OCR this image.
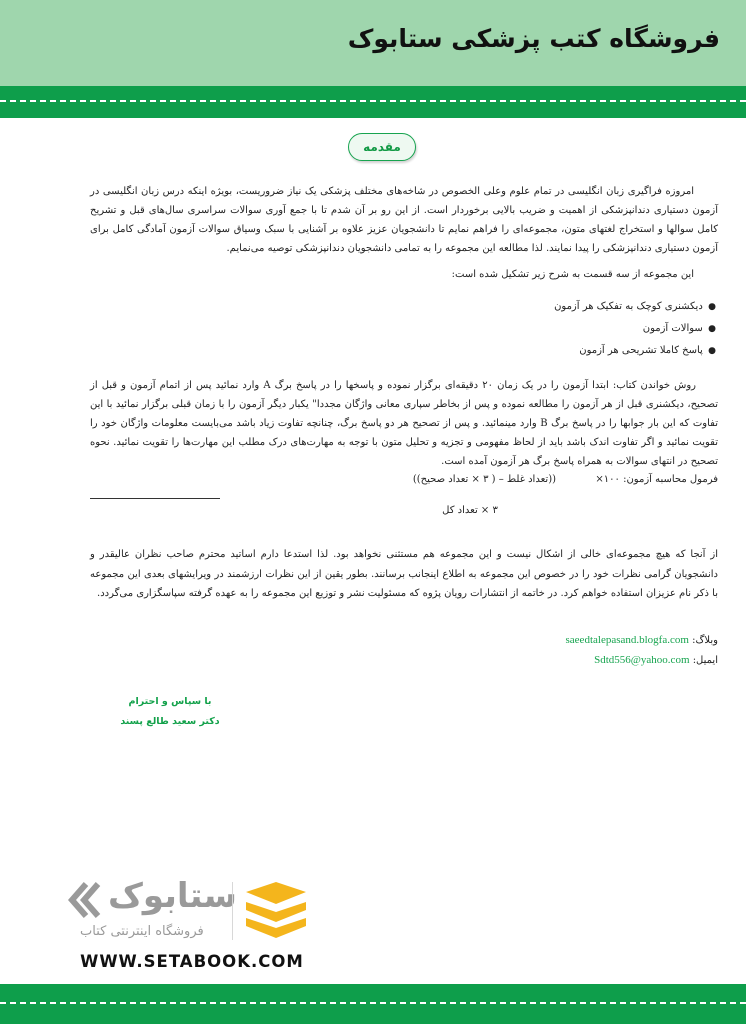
فروشگاه کتب پزشکی ستابوک
مقدمه

امروزه فراگیری زبان انگلیسی در تمام علوم وعلی الخصوص در شاخه‌های مختلف پزشکی یک نیاز ضروریست، بویژه اینکه درس زبان انگلیسی در آزمون دستیاری دندانپزشکی از اهمیت و ضریب بالایی برخوردار است. از این رو بر آن شدم تا با جمع آوری سوالات سراسری سال‌های قبل و تشریح کامل سوالها و استخراج لغتهای متون، مجموعه‌ای را فراهم نمایم تا دانشجویان عزیز علاوه بر آشنایی با سبک وسیاق سوالات آزمون آمادگی کامل برای آزمون دستیاری دندانپزشکی را پیدا نمایند. لذا مطالعه این مجموعه را به تمامی دانشجویان دندانپزشکی توصیه می‌نمایم.

این مجموعه از سه قسمت به شرح زیر تشکیل شده است:

● دیکشنری کوچک به تفکیک هر آزمون
● سوالات آزمون
● پاسخ کاملا تشریحی هر آزمون

روش خواندن کتاب: ابتدا آزمون را در یک زمان ۲۰ دقیقه‌ای برگزار نموده و پاسخها را در پاسخ برگ A وارد نمائید پس از اتمام آزمون و قبل از تصحیح، دیکشنری قبل از هر آزمون را مطالعه نموده و پس از بخاطر سپاری معانی واژگان مجددا" یکبار دیگر آزمون را با زمان قبلی برگزار نمائید با این تفاوت که این بار جوابها را در پاسخ برگ B وارد مینمائید. و پس از تصحیح هر دو پاسخ برگ، چنانچه تفاوت زیاد باشد می‌بایست معلومات واژگان خود را تقویت نمائید و اگر تفاوت اندک باشد باید از لحاظ مفهومی و تجزیه و تحلیل متون با توجه به مهارت‌های درک مطلب این مهارت‌ها را تقویت نمائید. نحوه تصحیح در انتهای سوالات به همراه پاسخ برگ هر آزمون آمده است.

فرمول محاسبه آزمون: ۱۰۰×
((تعداد غلط – ( ۳ × تعداد صحیح))
۳ × تعداد کل

از آنجا که هیچ مجموعه‌ای خالی از اشکال نیست و این مجموعه هم مستثنی نخواهد بود. لذا استدعا دارم اساتید محترم صاحب نظران عالیقدر و دانشجویان گرامی نظرات خود را در خصوص این مجموعه به اطلاع اینجانب برسانند. بطور یقین از این نظرات ارزشمند در ویرایشهای بعدی این مجموعه با ذکر نام عزیزان استفاده خواهم کرد. در خاتمه از انتشارات رویان پژوه که مسئولیت نشر و توزیع این مجموعه را به عهده گرفته سپاسگزاری می‌گردد.

وبلاگ: saeedtalepasand.blogfa.com
ایمیل: Sdtd556@yahoo.com
با سپاس و احترام
دکتر سعید طالع پسند
ستابوک
فروشگاه اینترنتی کتاب
WWW.SETABOOK.COM
